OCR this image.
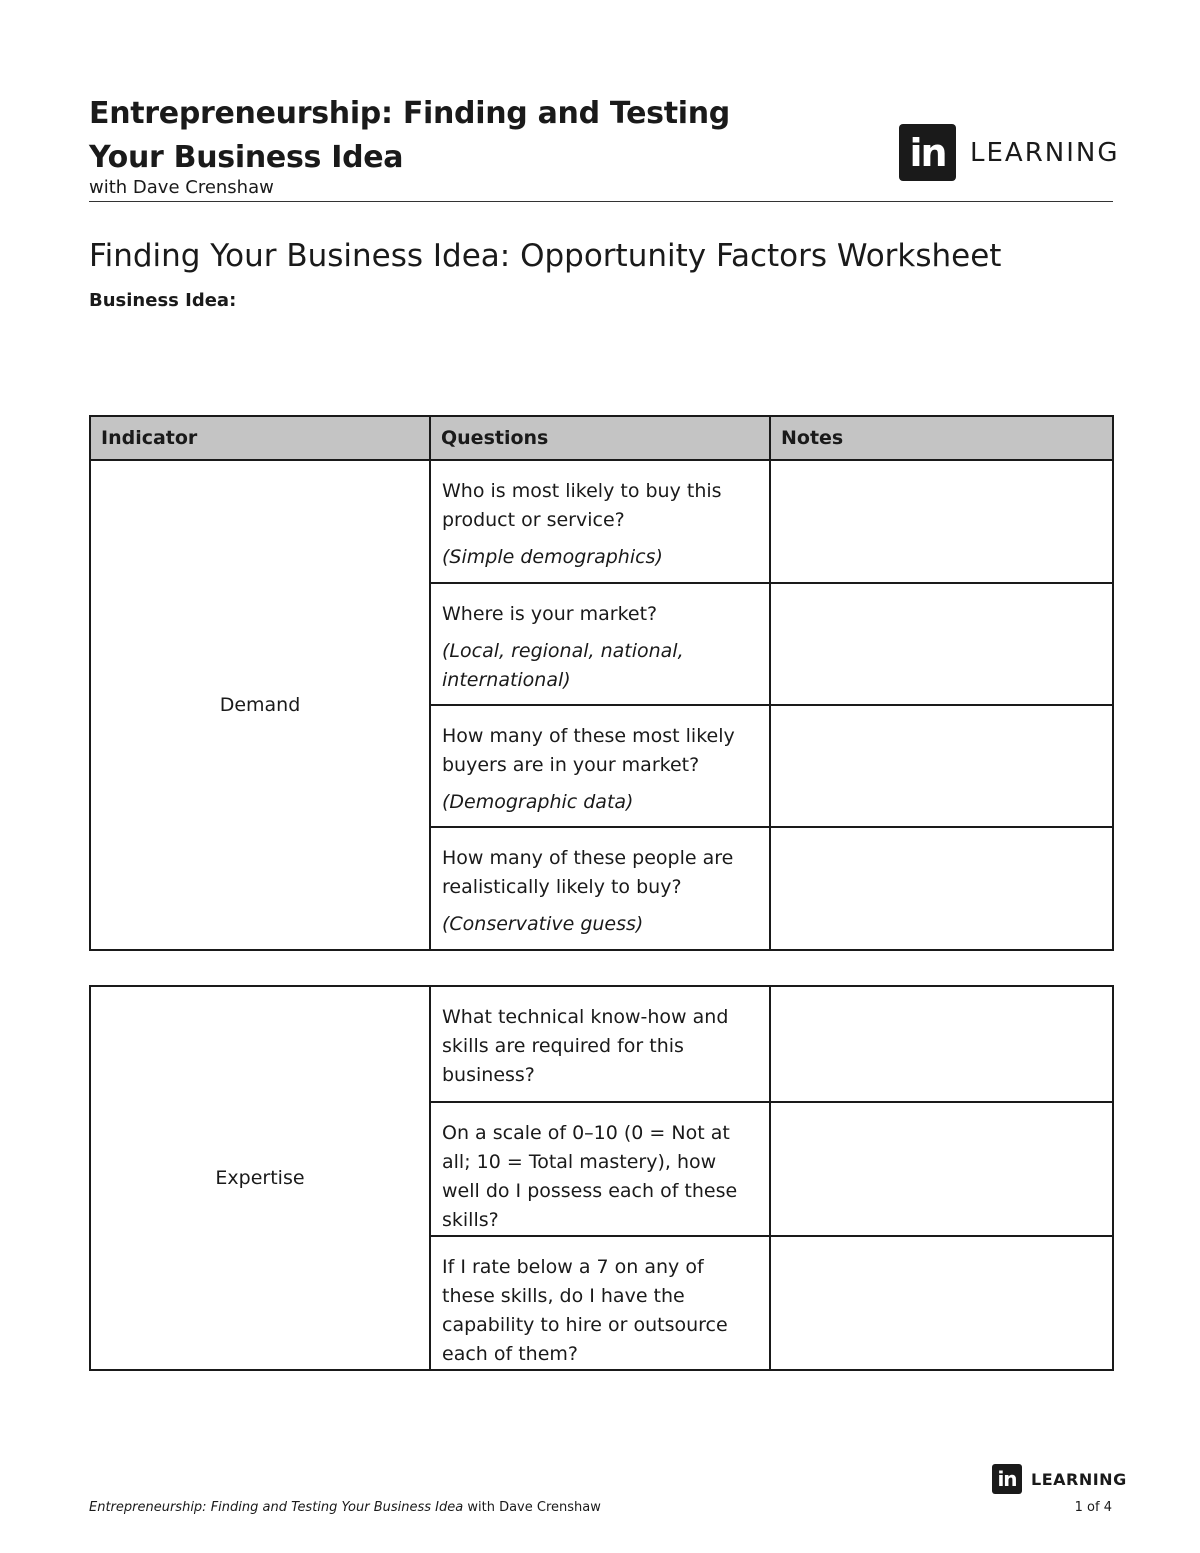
Entrepreneurship: Finding and Testing
Your Business Idea
with Dave Crenshaw
in LEARNING
Finding Your Business Idea: Opportunity Factors Worksheet
Business Idea:
Indicator	Questions	Notes
Demand	Who is most likely to buy this product or service?
(Simple demographics)	

	Where is your market?
(Local, regional, national, international)	

	How many of these most likely buyers are in your market?
(Demographic data)	

	How many of these people are realistically likely to buy?
(Conservative guess)	

Expertise	What technical know-how and skills are required for this business?	

	On a scale of 0–10 (0 = Not at all; 10 = Total mastery), how well do I possess each of these skills?	

	If I rate below a 7 on any of these skills, do I have the capability to hire or outsource each of them?	

in LEARNING
Entrepreneurship: Finding and Testing Your Business Idea with Dave Crenshaw	1 of 4
